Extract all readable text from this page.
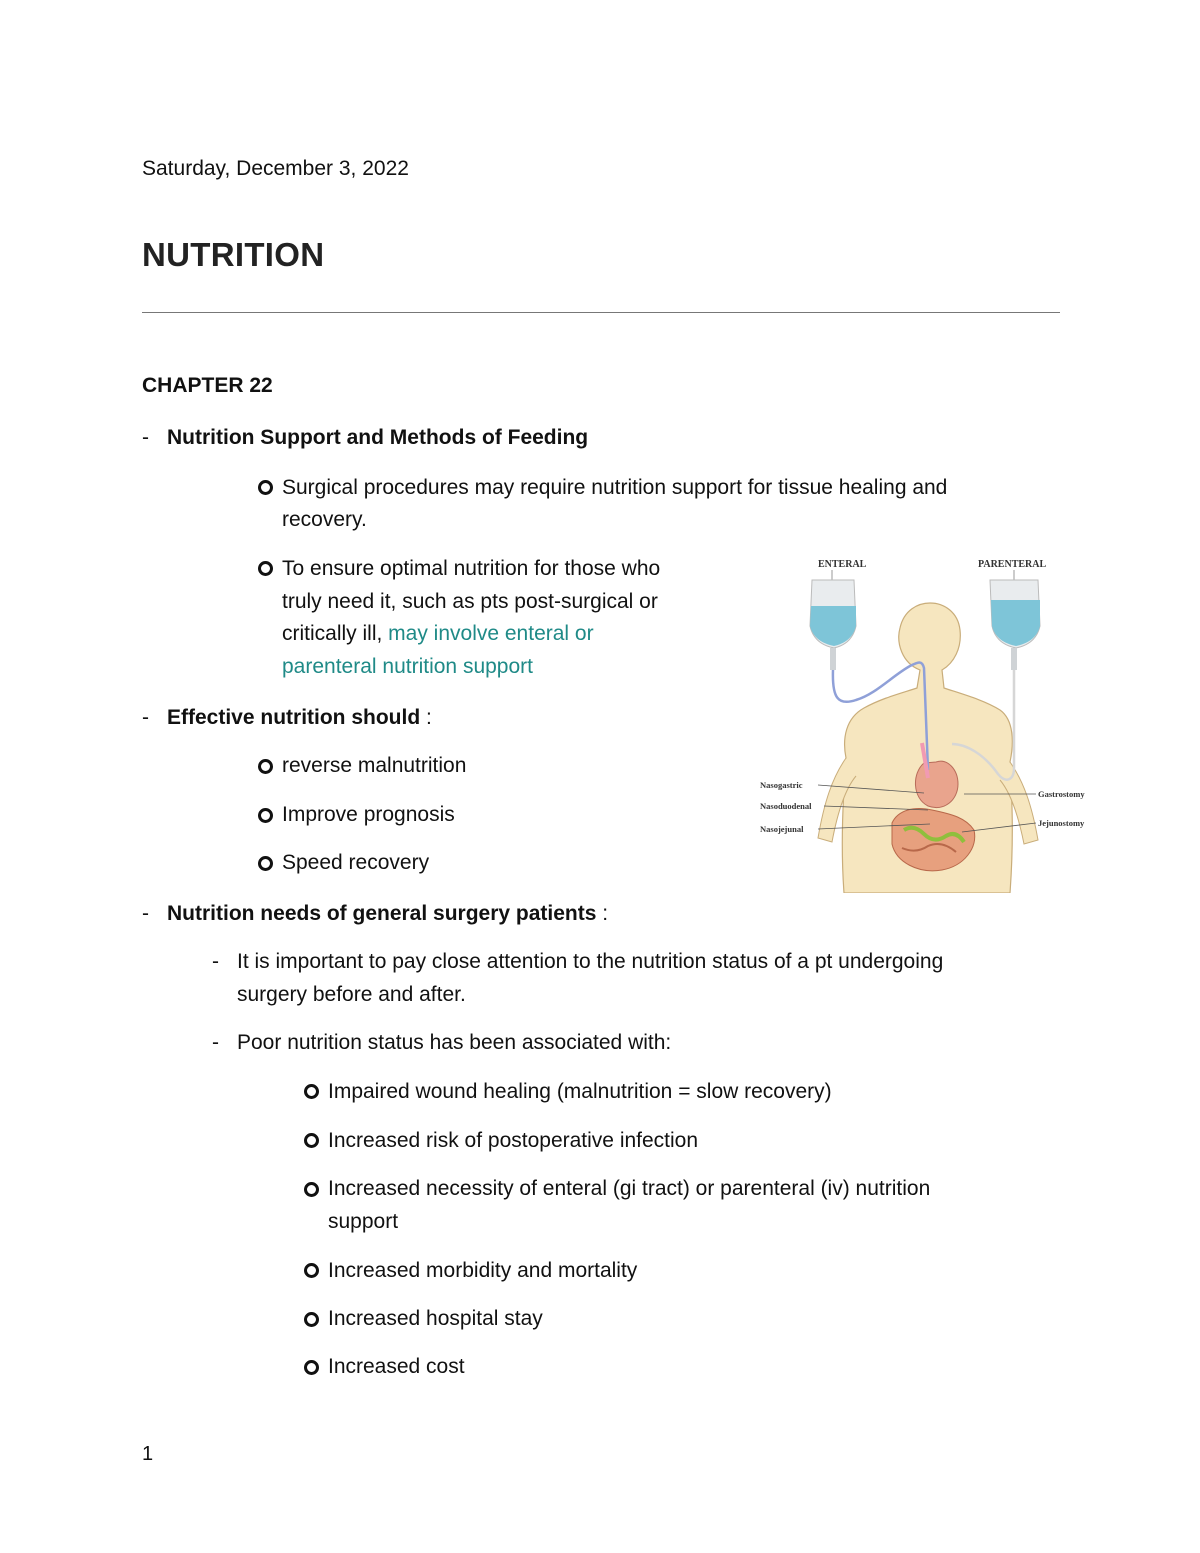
Saturday, December 3, 2022
NUTRITION
CHAPTER 22
- Nutrition Support and Methods of Feeding
Surgical procedures may require nutrition support for tissue healing and
recovery.
To ensure optimal nutrition for those who
truly need it, such as pts post-surgical or
critically ill, may involve enteral or
parenteral nutrition support
- Effective nutrition should :
reverse malnutrition
Improve prognosis
Speed recovery
- Nutrition needs of general surgery patients :
- It is important to pay close attention to the nutrition status of a pt undergoing
surgery before and after.
- Poor nutrition status has been associated with:
Impaired wound healing (malnutrition = slow recovery)
Increased risk of postoperative infection
Increased necessity of enteral (gi tract) or parenteral (iv) nutrition
support
Increased morbidity and mortality
Increased hospital stay
Increased cost
1
ENTERAL	PARENTERAL
Nasogastric
Nasoduodenal
Nasojejunal
Gastrostomy
Jejunostomy
